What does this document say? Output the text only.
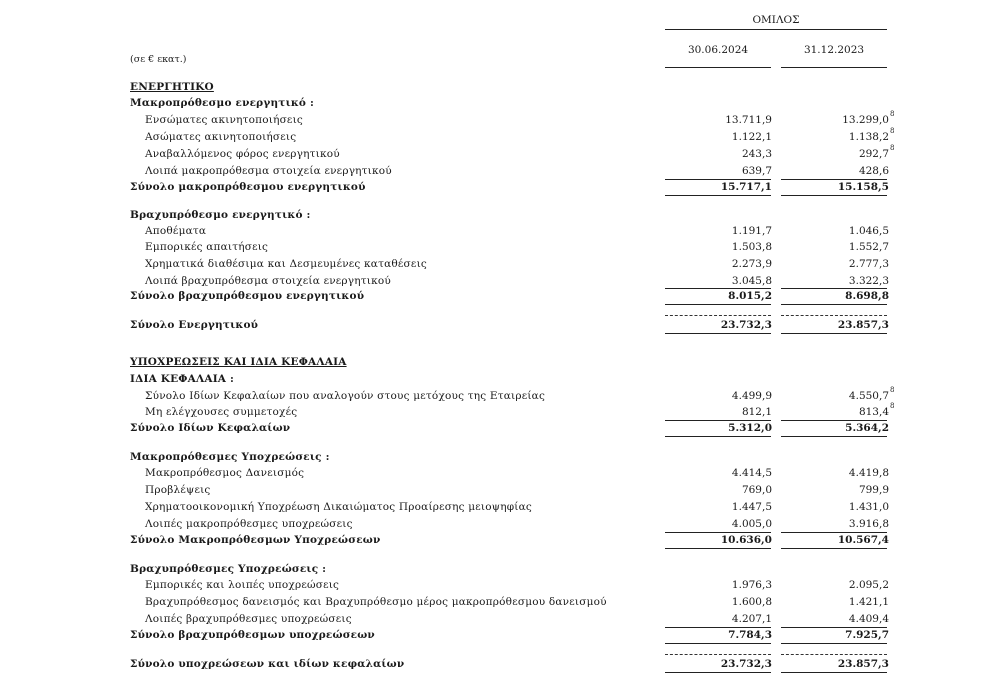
ΟΜΙΛΟΣ
(σε € εκατ.)
30.06.2024	31.12.2023
ΕΝΕΡΓΗΤΙΚΟ
Μακροπρόθεσμο ενεργητικό :
Ενσώματες ακινητοποιήσεις	13.711,9	13.299,0 8
Ασώματες ακινητοποιήσεις	1.122,1	1.138,2 8
Αναβαλλόμενος φόρος ενεργητικού	243,3	292,7 8
Λοιπά μακροπρόθεσμα στοιχεία ενεργητικού	639,7	428,6
Σύνολο μακροπρόθεσμου ενεργητικού	15.717,1	15.158,5
Βραχυπρόθεσμο ενεργητικό :
Αποθέματα	1.191,7	1.046,5
Εμπορικές απαιτήσεις	1.503,8	1.552,7
Χρηματικά διαθέσιμα και Δεσμευμένες καταθέσεις	2.273,9	2.777,3
Λοιπά βραχυπρόθεσμα στοιχεία ενεργητικού	3.045,8	3.322,3
Σύνολο βραχυπρόθεσμου ενεργητικού	8.015,2	8.698,8
Σύνολο Ενεργητικού	23.732,3	23.857,3
ΥΠΟΧΡΕΩΣΕΙΣ ΚΑΙ ΙΔΙΑ ΚΕΦΑΛΑΙΑ
ΙΔΙΑ ΚΕΦΑΛΑΙΑ :
Σύνολο Ιδίων Κεφαλαίων που αναλογούν στους μετόχους της Εταιρείας	4.499,9	4.550,7 8
Μη ελέγχουσες συμμετοχές	812,1	813,4 8
Σύνολο Ιδίων Κεφαλαίων	5.312,0	5.364,2
Μακροπρόθεσμες Υποχρεώσεις :
Μακροπρόθεσμος Δανεισμός	4.414,5	4.419,8
Προβλέψεις	769,0	799,9
Χρηματοοικονομική Υποχρέωση Δικαιώματος Προαίρεσης μειοψηφίας	1.447,5	1.431,0
Λοιπές μακροπρόθεσμες υποχρεώσεις	4.005,0	3.916,8
Σύνολο Μακροπρόθεσμων Υποχρεώσεων	10.636,0	10.567,4
Βραχυπρόθεσμες Υποχρεώσεις :
Εμπορικές και λοιπές υποχρεώσεις	1.976,3	2.095,2
Βραχυπρόθεσμος δανεισμός και Βραχυπρόθεσμο μέρος μακροπρόθεσμου δανεισμού	1.600,8	1.421,1
Λοιπές βραχυπρόθεσμες υποχρεώσεις	4.207,1	4.409,4
Σύνολο βραχυπρόθεσμων υποχρεώσεων	7.784,3	7.925,7
Σύνολο υποχρεώσεων και ιδίων κεφαλαίων	23.732,3	23.857,3
